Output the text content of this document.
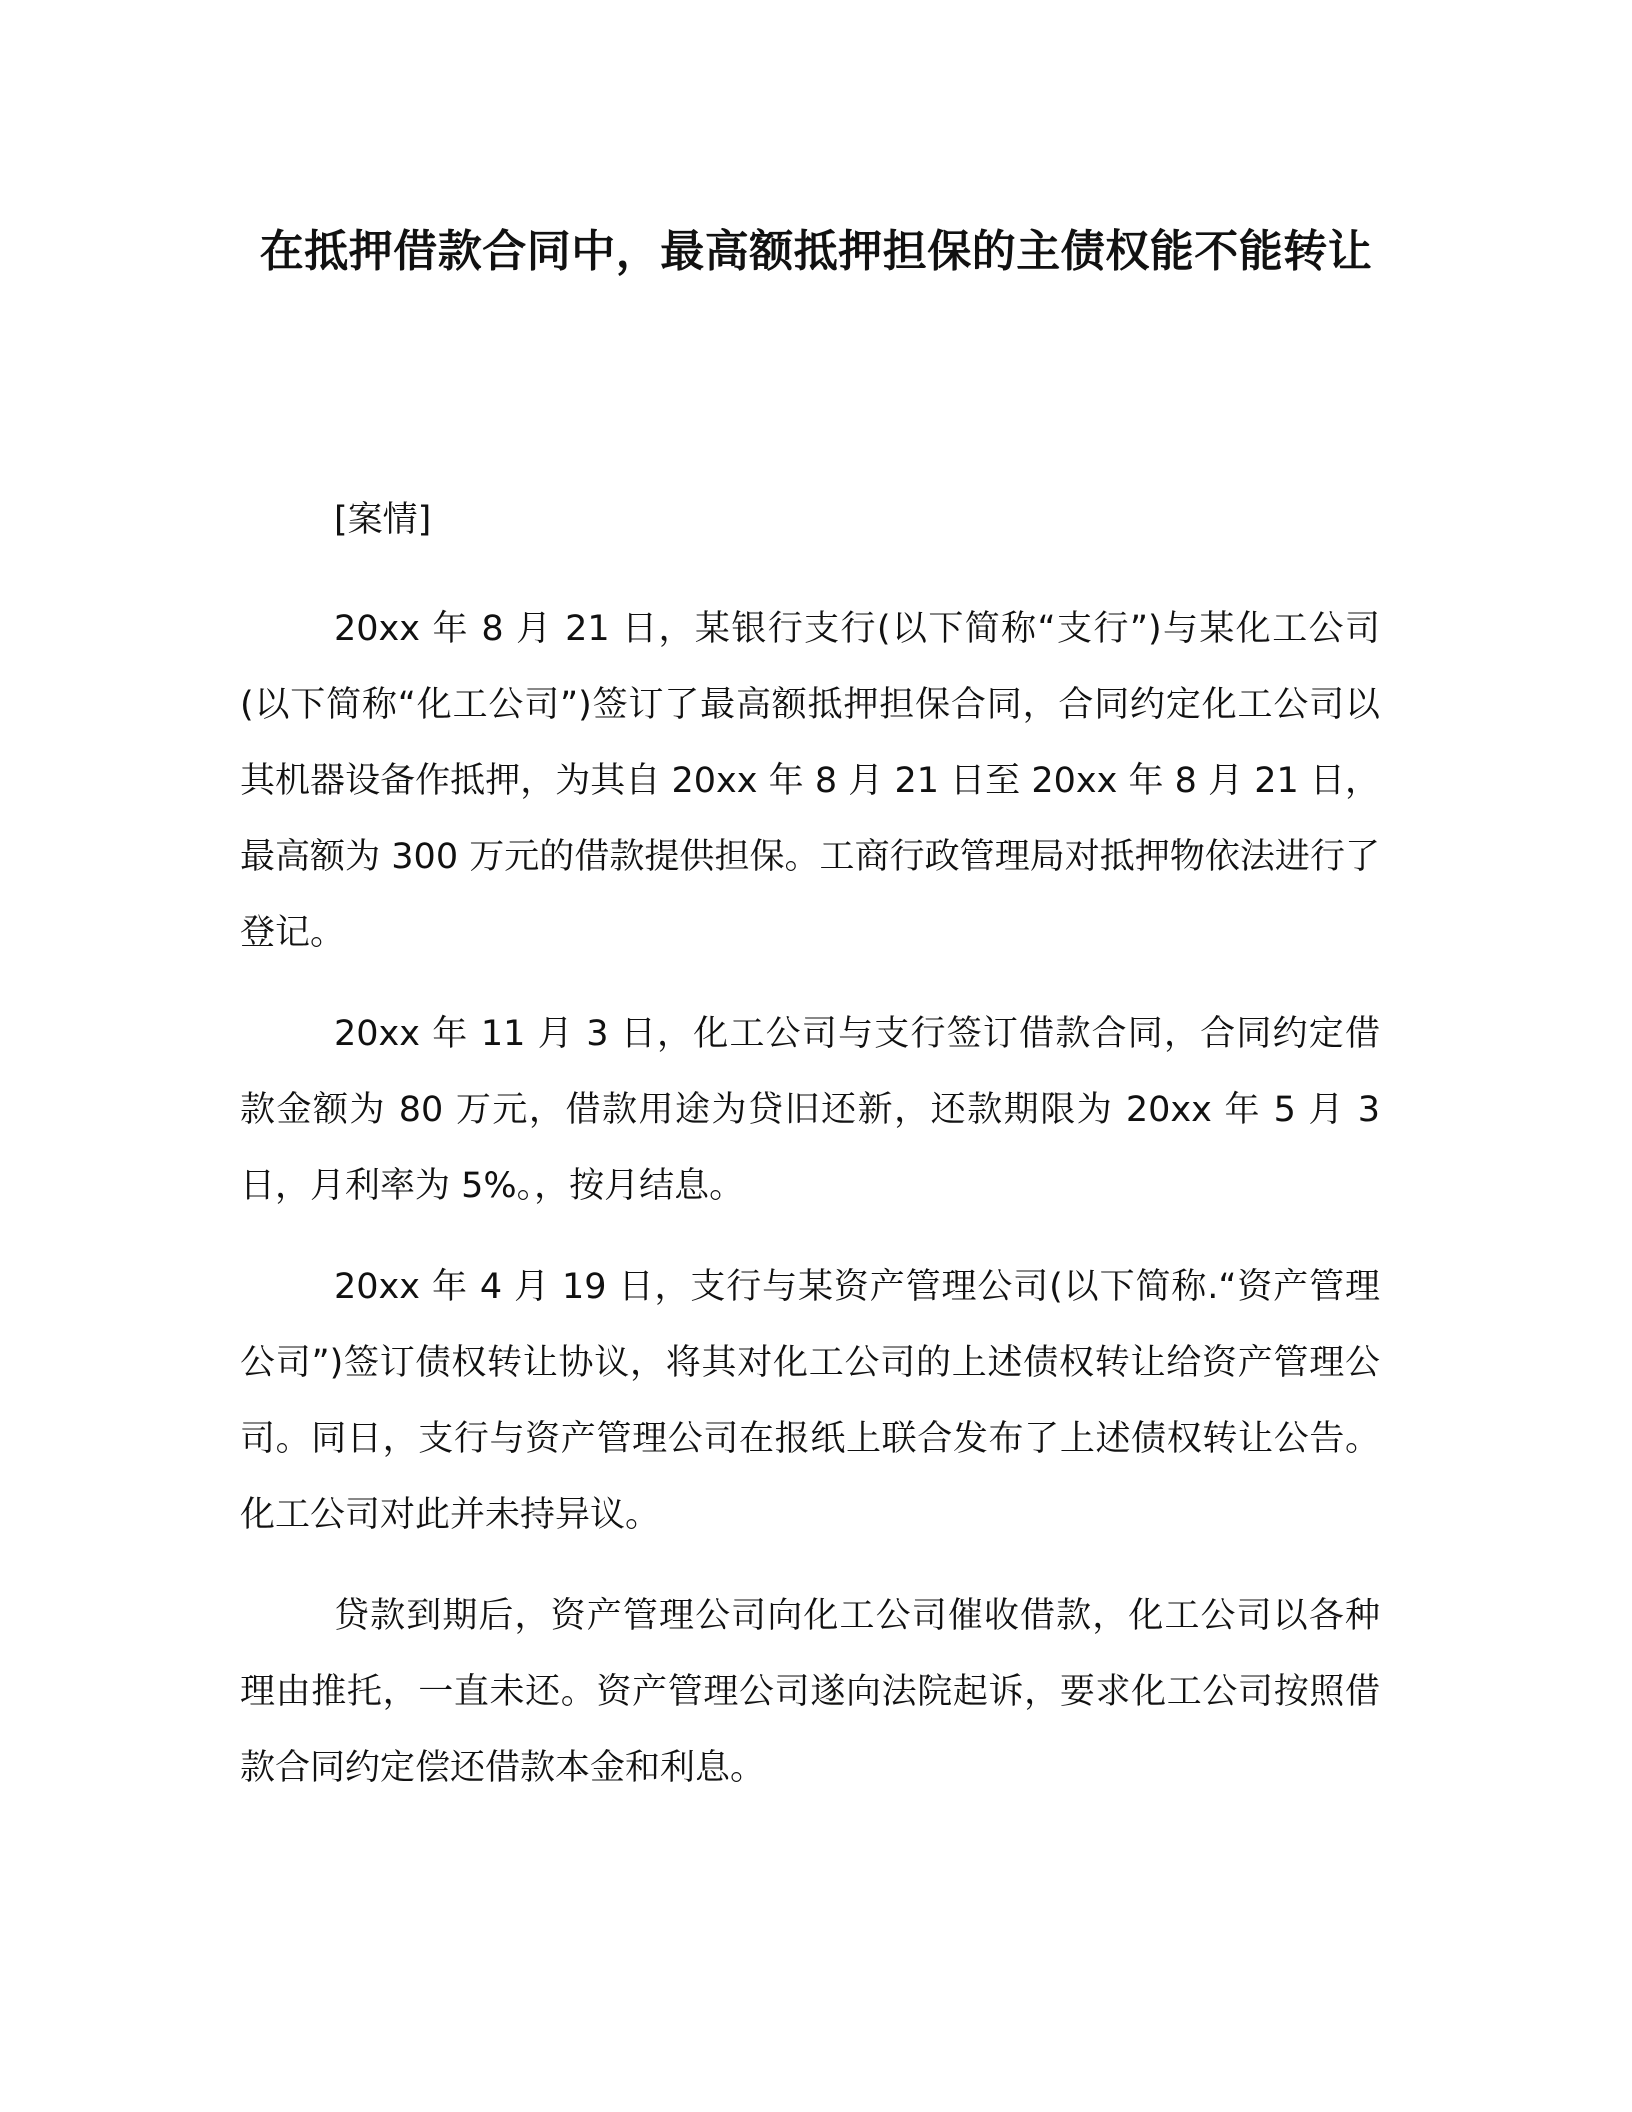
在抵押借款合同中，最高额抵押担保的主债权能不能转让

[案情]

20xx 年 8 月 21 日，某银行支行(以下简称“支行”)与某化工公司(以下简称“化工公司”)签订了最高额抵押担保合同，合同约定化工公司以其机器设备作抵押，为其自 20xx 年 8 月 21 日至 20xx 年 8 月 21 日，最高额为 300 万元的借款提供担保。工商行政管理局对抵押物依法进行了登记。

20xx 年 11 月 3 日，化工公司与支行签订借款合同，合同约定借款金额为 80 万元，借款用途为贷旧还新，还款期限为 20xx 年 5 月 3 日，月利率为 5%。，按月结息。

20xx 年 4 月 19 日，支行与某资产管理公司(以下简称.“资产管理公司”)签订债权转让协议，将其对化工公司的上述债权转让给资产管理公司。同日，支行与资产管理公司在报纸上联合发布了上述债权转让公告。化工公司对此并未持异议。

贷款到期后，资产管理公司向化工公司催收借款，化工公司以各种理由推托，一直未还。资产管理公司遂向法院起诉，要求化工公司按照借款合同约定偿还借款本金和利息。
